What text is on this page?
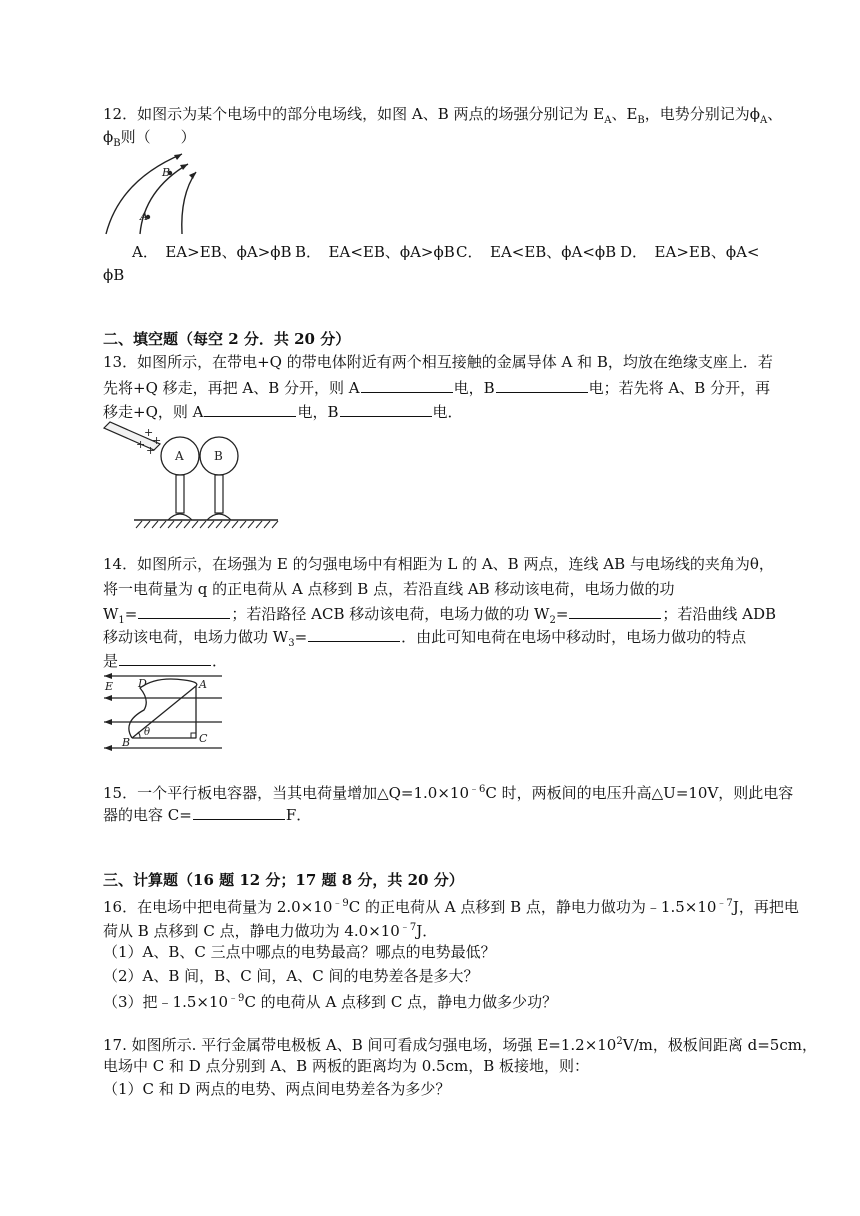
12．如图示为某个电场中的部分电场线，如图 A、B 两点的场强分别记为 $E_A$、$E_B$，电势分别记为$\phi_A$、
$\phi_B$则（　　）
A
B
A．　EA>EB、ϕA>ϕB B．　EA<EB、ϕA>ϕB C．　EA<EB、ϕA<ϕB D．　EA>EB、ϕA<
ϕB
二、填空题（每空 2 分．共 20 分）
13．如图所示，在带电+Q 的带电体附近有两个相互接触的金属导体 A 和 B，均放在绝缘支座上．若
先将+Q 移走，再把 A、B 分开，则 A	电，B	电；若先将 A、B 分开，再
移走+Q，则 A	电，B	电．
+
+
+ + A	B
14．如图所示，在场强为 E 的匀强电场中有相距为 L 的 A、B 两点，连线 AB 与电场线的夹角为θ，
将一电荷量为 q 的正电荷从 A 点移到 B 点，若沿直线 AB 移动该电荷，电场力做的功
$W_1=$	；若沿路径 ACB 移动该电荷，电场力做的功 $W_2=$	；若沿曲线 ADB
移动该电荷，电场力做功 $W_3=$	．由此可知电荷在电场中移动时，电场力做功的特点
是	．
E D	A
B	C
θ
15．一个平行板电容器，当其电荷量增加$\triangle Q=1.0\times 10^{﹣6}C$ 时，两板间的电压升高△U=10V，则此电容
器的电容 C=	F．
三、计算题（16 题 12 分；17 题 8 分，共 20 分）
16．在电场中把电荷量为 $2.0\times 10^{﹣9}C$ 的正电荷从 A 点移到 B 点，静电力做功为$﹣1.5\times 10^{﹣7}J$，再把电
荷从 B 点移到 C 点，静电力做功为 $4.0\times 10^{﹣7}J$．
（1）A、B、C 三点中哪点的电势最高？哪点的电势最低？
（2）A、B 间，B、C 间，A、C 间的电势差各是多大？
（3）把$﹣1.5\times 10^{﹣9}C$ 的电荷从 A 点移到 C 点，静电力做多少功？
17. 如图所示. 平行金属带电极板 A、B 间可看成匀强电场，场强 $E=1.2\times 10^2V/m$，极板间距离 d=5cm，
电场中 C 和 D 点分别到 A、B 两板的距离均为 0.5cm，B 板接地，则：
（1）C 和 D 两点的电势、两点间电势差各为多少？
